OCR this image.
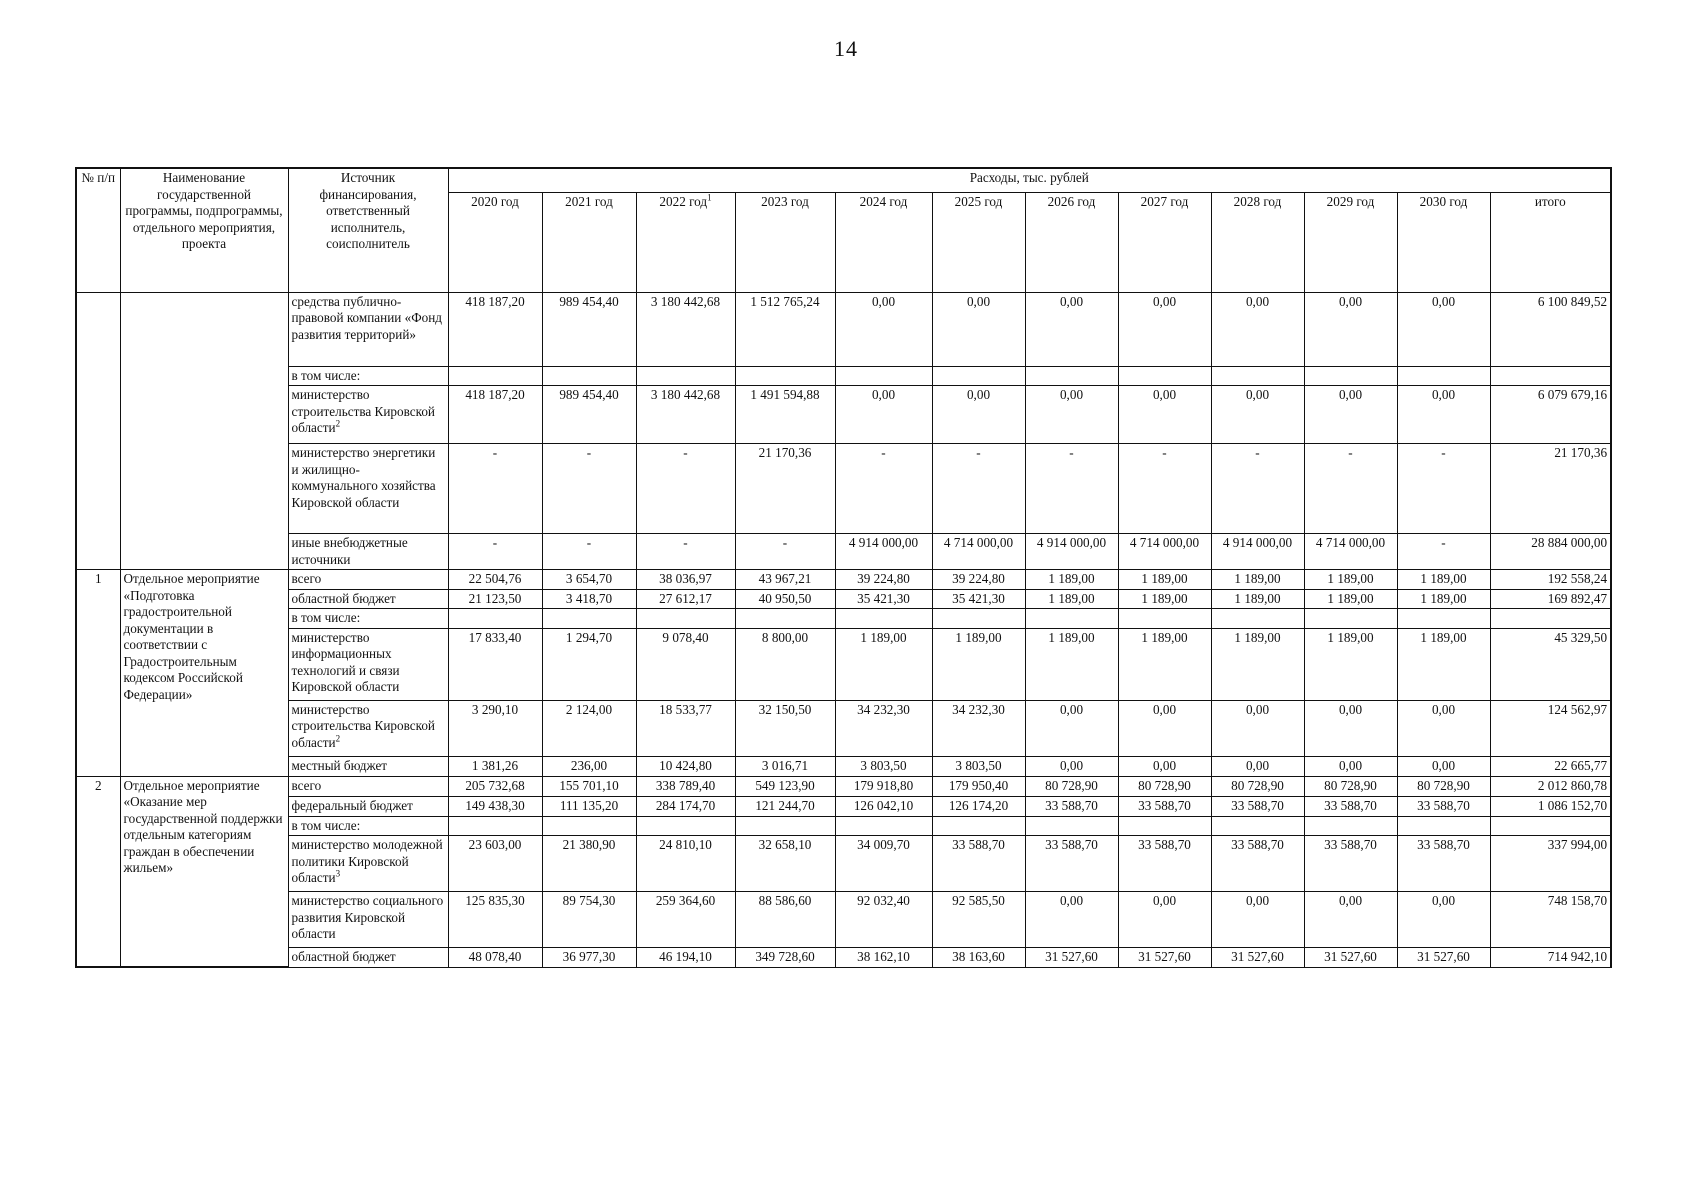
14
№ п/п	Наименование государственной программы, подпрограммы, отдельного мероприятия, проекта	Источник финансирования, ответственный исполнитель, соисполнитель	Расходы, тыс. рублей											
			2020 год	2021 год	2022 год$^1$	2023 год	2024 год	2025 год	2026 год	2027 год	2028 год	2029 год	2030 год	итого
		средства публично-правовой компании «Фонд развития территорий»	418 187,20	989 454,40	3 180 442,68	1 512 765,24	0,00	0,00	0,00	0,00	0,00	0,00	0,00	6 100 849,52
		в том числе:												
		министерство строительства Кировской области$^2$	418 187,20	989 454,40	3 180 442,68	1 491 594,88	0,00	0,00	0,00	0,00	0,00	0,00	0,00	6 079 679,16
		министерство энергетики и жилищно-коммунального хозяйства Кировской области	-	-	-	21 170,36	-	-	-	-	-	-	-	21 170,36
		иные внебюджетные источники	-	-	-	-	4 914 000,00	4 714 000,00	4 914 000,00	4 714 000,00	4 914 000,00	4 714 000,00	-	28 884 000,00
1	Отдельное мероприятие «Подготовка градостроительной документации в соответствии с Градостроительным кодексом Российской Федерации»	всего	22 504,76	3 654,70	38 036,97	43 967,21	39 224,80	39 224,80	1 189,00	1 189,00	1 189,00	1 189,00	1 189,00	192 558,24
		областной бюджет	21 123,50	3 418,70	27 612,17	40 950,50	35 421,30	35 421,30	1 189,00	1 189,00	1 189,00	1 189,00	1 189,00	169 892,47
		в том числе:												
		министерство информационных технологий и связи Кировской области	17 833,40	1 294,70	9 078,40	8 800,00	1 189,00	1 189,00	1 189,00	1 189,00	1 189,00	1 189,00	1 189,00	45 329,50
		министерство строительства Кировской области$^2$	3 290,10	2 124,00	18 533,77	32 150,50	34 232,30	34 232,30	0,00	0,00	0,00	0,00	0,00	124 562,97
		местный бюджет	1 381,26	236,00	10 424,80	3 016,71	3 803,50	3 803,50	0,00	0,00	0,00	0,00	0,00	22 665,77
2	Отдельное мероприятие «Оказание мер государственной поддержки отдельным категориям граждан в обеспечении жильем»	всего	205 732,68	155 701,10	338 789,40	549 123,90	179 918,80	179 950,40	80 728,90	80 728,90	80 728,90	80 728,90	80 728,90	2 012 860,78
		федеральный бюджет	149 438,30	111 135,20	284 174,70	121 244,70	126 042,10	126 174,20	33 588,70	33 588,70	33 588,70	33 588,70	33 588,70	1 086 152,70
		в том числе:												
		министерство молодежной политики Кировской области$^3$	23 603,00	21 380,90	24 810,10	32 658,10	34 009,70	33 588,70	33 588,70	33 588,70	33 588,70	33 588,70	33 588,70	337 994,00
		министерство социального развития Кировской области	125 835,30	89 754,30	259 364,60	88 586,60	92 032,40	92 585,50	0,00	0,00	0,00	0,00	0,00	748 158,70
		областной бюджет	48 078,40	36 977,30	46 194,10	349 728,60	38 162,10	38 163,60	31 527,60	31 527,60	31 527,60	31 527,60	31 527,60	714 942,10
